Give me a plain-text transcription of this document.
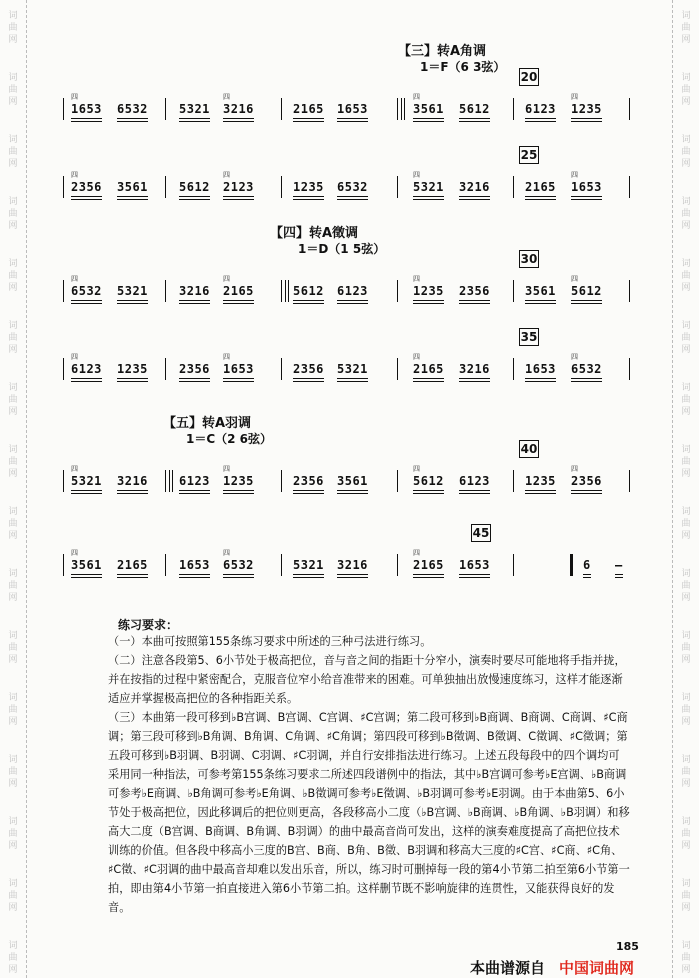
词
曲
网
词
曲
网
词
曲
网
词
曲
网
词
曲
网
词
曲
网
词
曲
网
词
曲
网
词
曲
网
词
曲
网
词
曲
网
词
曲
网
词
曲
网
词
曲
网
词
曲
网
词
曲
网
词
曲
网
词
曲
网
词
曲
网
词
曲
网
词
曲
网
词
曲
网
词
曲
网
词
曲
网
词
曲
网
词
曲
网
词
曲
网
词
曲
网
词
曲
网
词
曲
网
词
曲
网
词
曲
网
【三】转A角调
1＝F（6 3弦）
【四】转A徵调
1＝D（1 5弦）
【五】转A羽调
1＝C（2 6弦）
1653
四
6532	5321 3216
四
2165 1653	3561
四
5612	6123 1235
四
20
2356
四
3561	5612 2123
四
1235 6532	5321
四
3216	2165 1653
四
25
6532
四
5321	3216 2165
四
5612 6123	1235
四
2356	3561 5612
四
30
6123
四
1235	2356 1653
四
2356 5321	2165
四
3216	1653 6532
四
35
5321
四
3216	6123 1235
四
2356 3561	5612
四
6123	1235 2356
四
40
3561
四
2165	1653 6532
四
5321 3216	2165
四
1653	6 –
45
练习要求：

（一）本曲可按照第155条练习要求中所述的三种弓法进行练习。

（二）注意各段第5、6小节处于极高把位，音与音之间的指距十分窄小，演奏时要尽可能地将手指并拢，并在按指的过程中紧密配合，克服音位窄小给音准带来的困难。可单独抽出放慢速度练习，这样才能逐渐适应并掌握极高把位的各种指距关系。

（三）本曲第一段可移到♭B宫调、B宫调、C宫调、♯C宫调；第二段可移到♭B商调、B商调、C商调、♯C商调；第三段可移到♭B角调、B角调、C角调、♯C角调；第四段可移到♭B徵调、B徵调、C徵调、♯C徵调；第五段可移到♭B羽调、B羽调、C羽调、♯C羽调，并自行安排指法进行练习。上述五段每段中的四个调均可采用同一种指法，可参考第155条练习要求二所述四段谱例中的指法，其中♭B宫调可参考♭E宫调、♭B商调可参考♭E商调、♭B角调可参考♭E角调、♭B徵调可参考♭E徵调、♭B羽调可参考♭E羽调。由于本曲第5、6小节处于极高把位，因此移调后的把位则更高，各段移高小二度（♭B宫调、♭B商调、♭B角调、♭B羽调）和移高大二度（B宫调、B商调、B角调、B羽调）的曲中最高音尚可发出，这样的演奏难度提高了高把位技术训练的价值。但各段中移高小三度的B宫、B商、B角、B徵、B羽调和移高大三度的♯C宫、♯C商、♯C角、♯C徵、♯C羽调的曲中最高音却难以发出乐音，所以，练习时可删掉每一段的第4小节第二拍至第6小节第一拍，即由第4小节第一拍直接进入第6小节第二拍。这样删节既不影响旋律的连贯性，又能获得良好的发音。

185
本曲谱源自 中国词曲网
